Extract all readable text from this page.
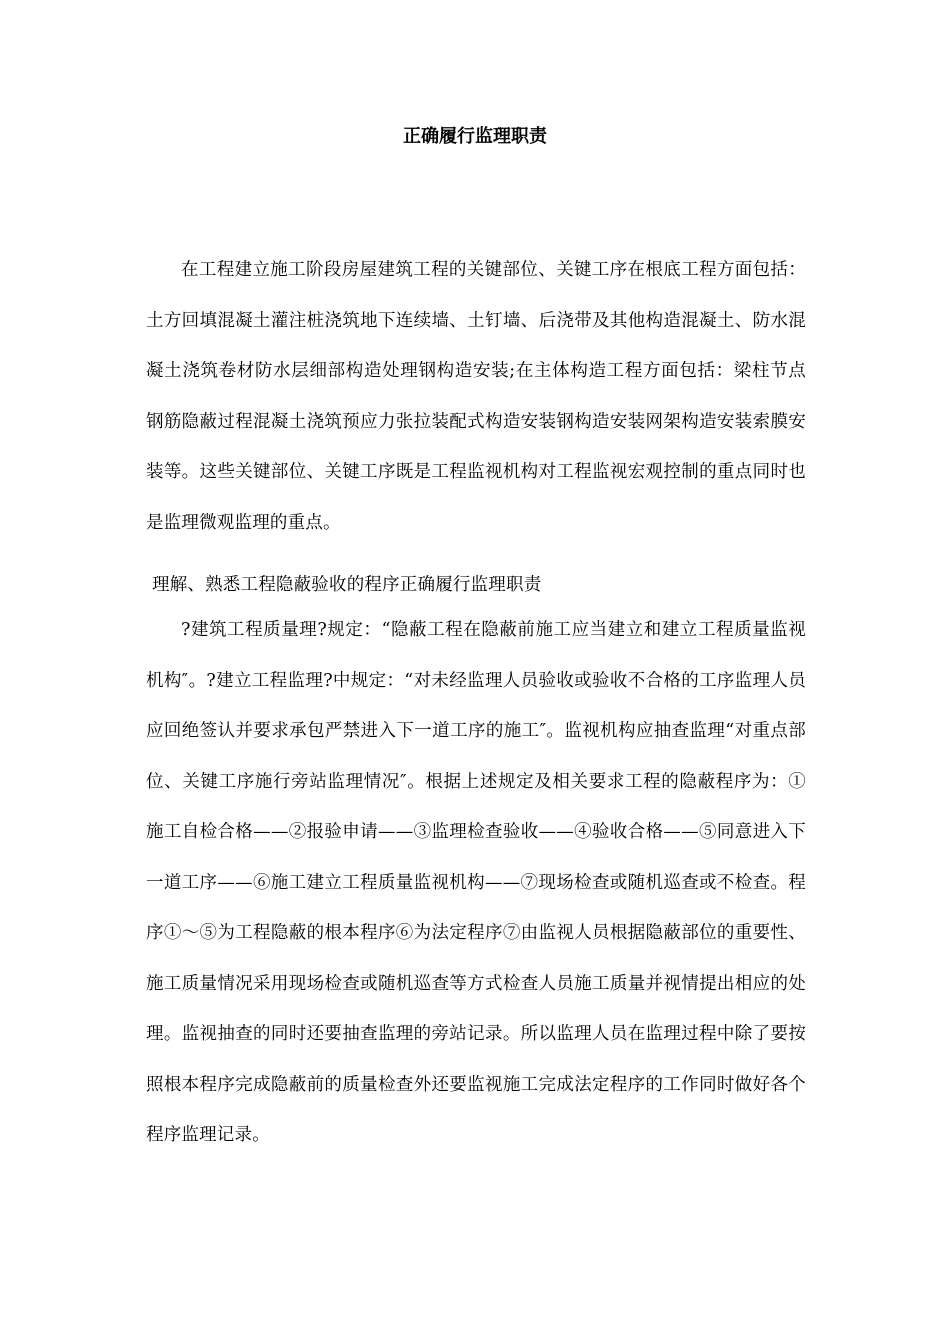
正确履行监理职责

在工程建立施工阶段房屋建筑工程的关键部位、关键工序在根底工程方面包括：土方回填混凝土灌注桩浇筑地下连续墙、土钉墙、后浇带及其他构造混凝土、防水混凝土浇筑卷材防水层细部构造处理钢构造安装;在主体构造工程方面包括：梁柱节点钢筋隐蔽过程混凝土浇筑预应力张拉装配式构造安装钢构造安装网架构造安装索膜安装等。这些关键部位、关键工序既是工程监视机构对工程监视宏观控制的重点同时也是监理微观监理的重点。

理解、熟悉工程隐蔽验收的程序正确履行监理职责

?建筑工程质量理?规定：“隐蔽工程在隐蔽前施工应当建立和建立工程质量监视机构″。?建立工程监理?中规定：“对未经监理人员验收或验收不合格的工序监理人员应回绝签认并要求承包严禁进入下一道工序的施工″。监视机构应抽查监理“对重点部位、关键工序施行旁站监理情况″。根据上述规定及相关要求工程的隐蔽程序为：①施工自检合格——②报验申请——③监理检查验收——④验收合格——⑤同意进入下一道工序——⑥施工建立工程质量监视机构——⑦现场检查或随机巡查或不检查。程序①～⑤为工程隐蔽的根本程序⑥为法定程序⑦由监视人员根据隐蔽部位的重要性、施工质量情况采用现场检查或随机巡查等方式检查人员施工质量并视情提出相应的处理。监视抽查的同时还要抽查监理的旁站记录。所以监理人员在监理过程中除了要按照根本程序完成隐蔽前的质量检查外还要监视施工完成法定程序的工作同时做好各个程序监理记录。
